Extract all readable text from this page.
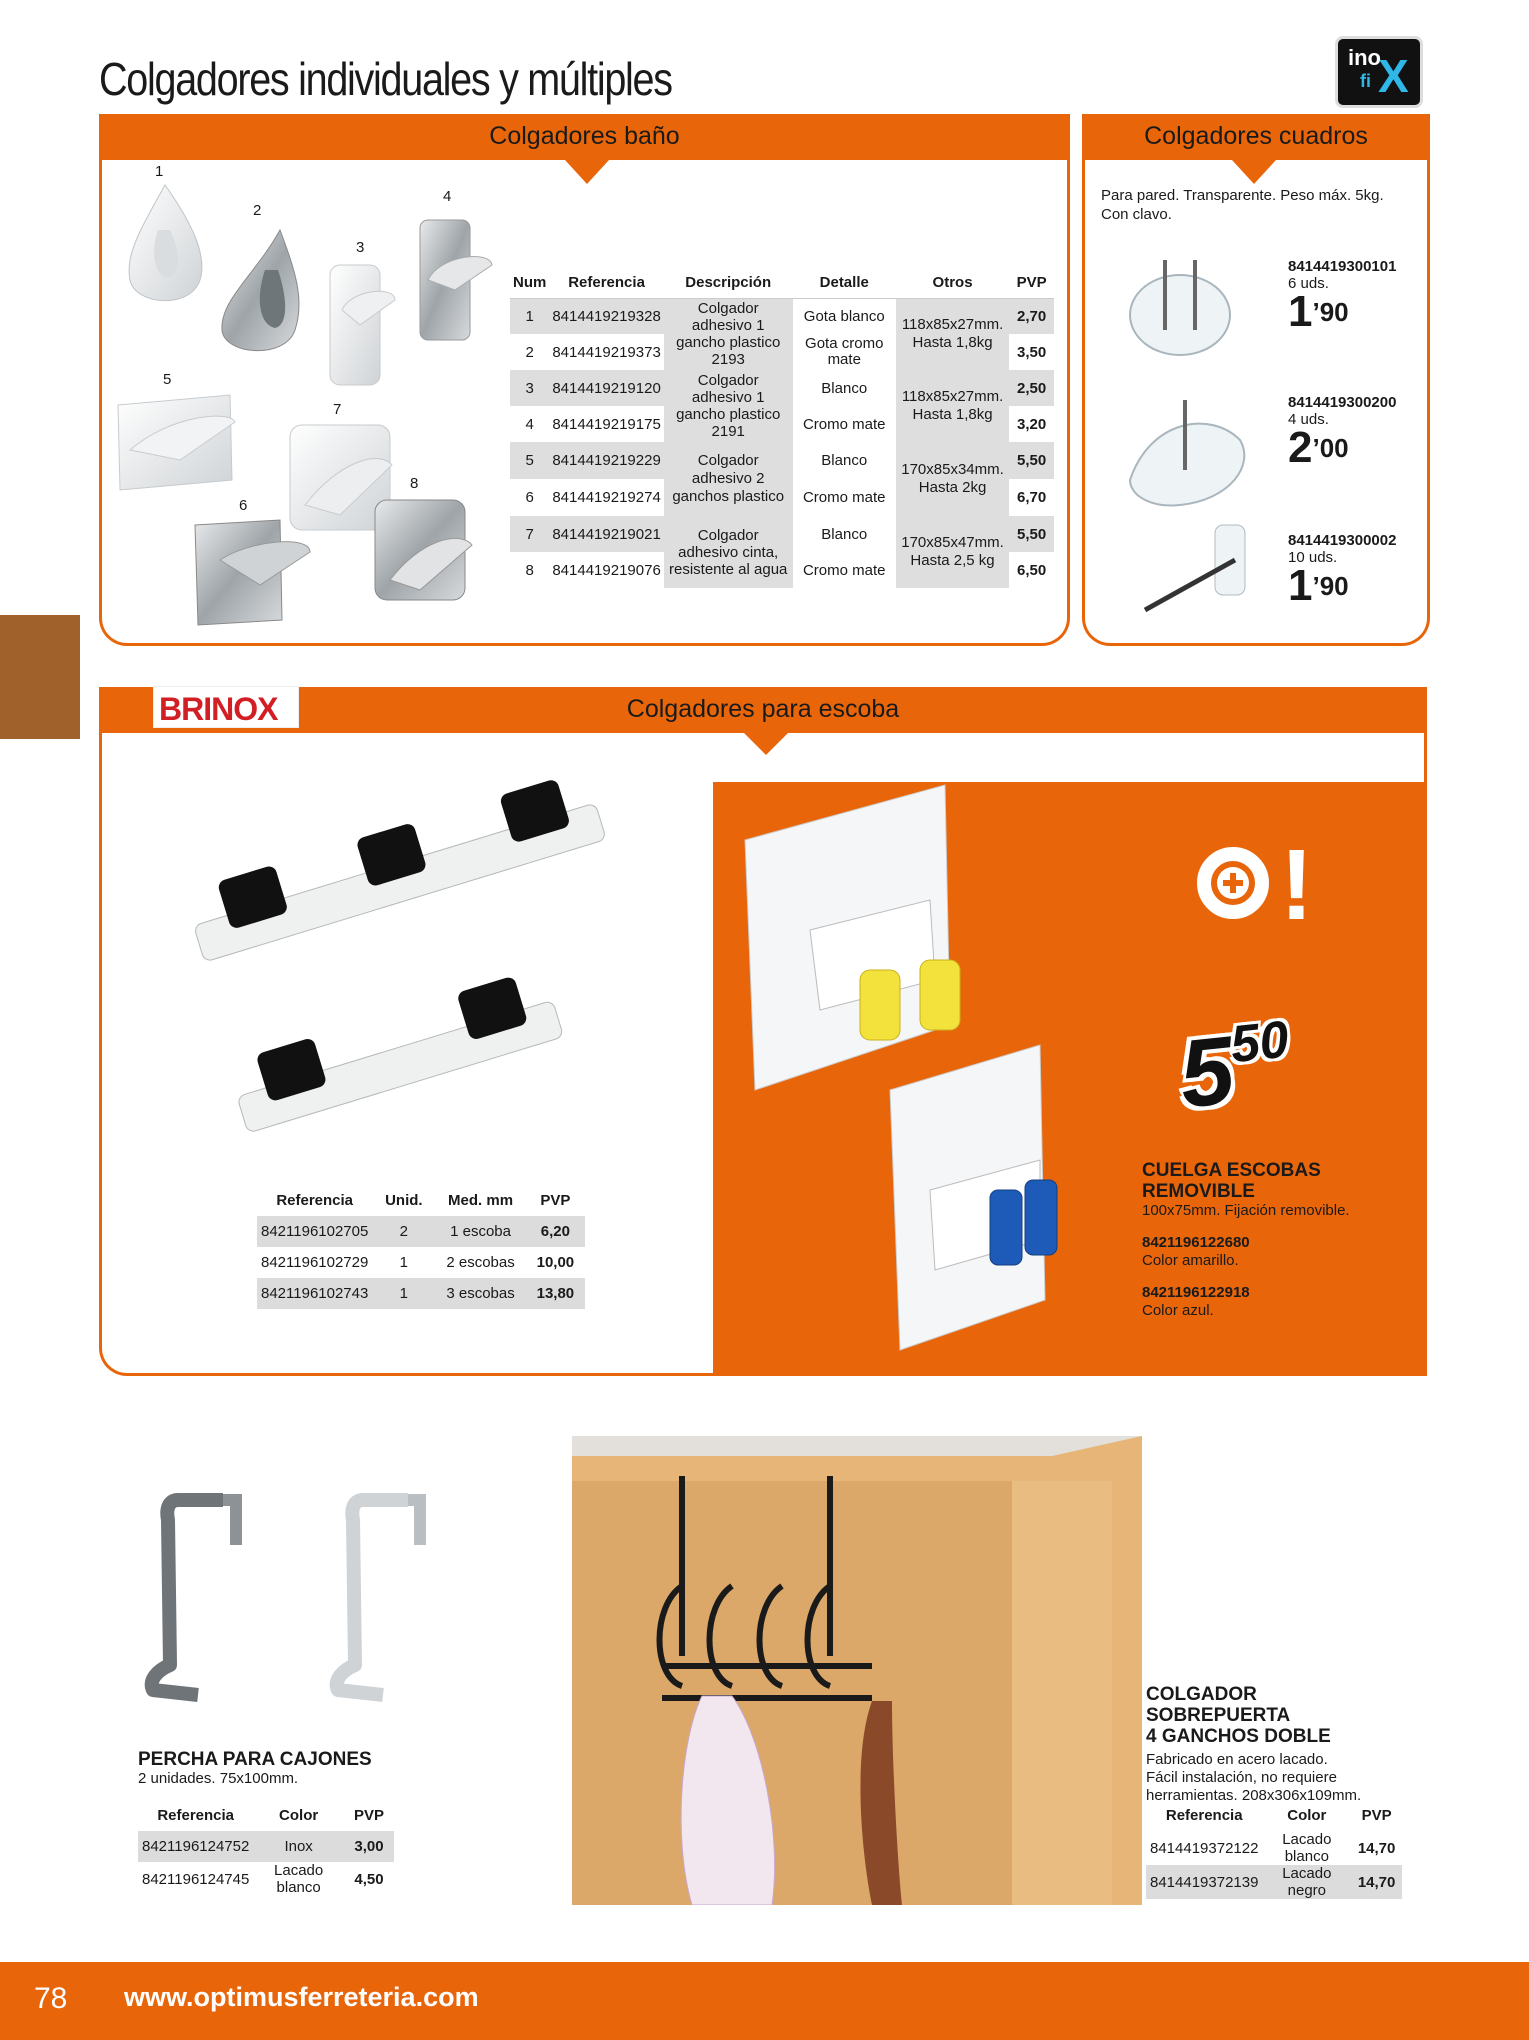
Colgadores individuales y múltiples	ino
fi X
Colgadores baño
1
2
3
4
5
6
7
8
Num	Referencia	Descripción	Detalle	Otros	PVP
1	8414419219328	Colgador adhesivo 1 gancho plastico 2193	Gota blanco	118x85x27mm. Hasta 1,8kg	2,70
2	8414419219373		Gota cromo mate		3,50
3	8414419219120	Colgador adhesivo 1 gancho plastico 2191	Blanco	118x85x27mm. Hasta 1,8kg	2,50
4	8414419219175		Cromo mate		3,20
5	8414419219229	Colgador adhesivo 2 ganchos plastico	Blanco	170x85x34mm. Hasta 2kg	5,50
6	8414419219274		Cromo mate		6,70
7	8414419219021	Colgador adhesivo cinta, resistente al agua	Blanco	170x85x47mm. Hasta 2,5 kg	5,50
8	8414419219076		Cromo mate		6,50
Colgadores cuadros
Para pared. Transparente. Peso máx. 5kg. Con clavo.
8414419300101
6 uds.
1’90
8414419300200
4 uds.
2’00
8414419300002
10 uds.
1’90
Colgadores para escoba
BRINOX
Referencia	Unid.	Med. mm	PVP
8421196102705	2	1 escoba	6,20
8421196102729	1	2 escobas	10,00
8421196102743	1	3 escobas	13,80
!
550
CUELGA ESCOBAS
REMOVIBLE
100x75mm. Fijación removible.
8421196122680
Color amarillo.
8421196122918
Color azul.
PERCHA PARA CAJONES
2 unidades. 75x100mm.
Referencia	Color	PVP
8421196124752	Inox	3,00
8421196124745	Lacado blanco	4,50
COLGADOR SOBREPUERTA
4 GANCHOS DOBLE
Fabricado en acero lacado.
Fácil instalación, no requiere
herramientas. 208x306x109mm.
Referencia	Color	PVP
8414419372122	Lacado blanco	14,70
8414419372139	Lacado negro	14,70
78 www.optimusferreteria.com
